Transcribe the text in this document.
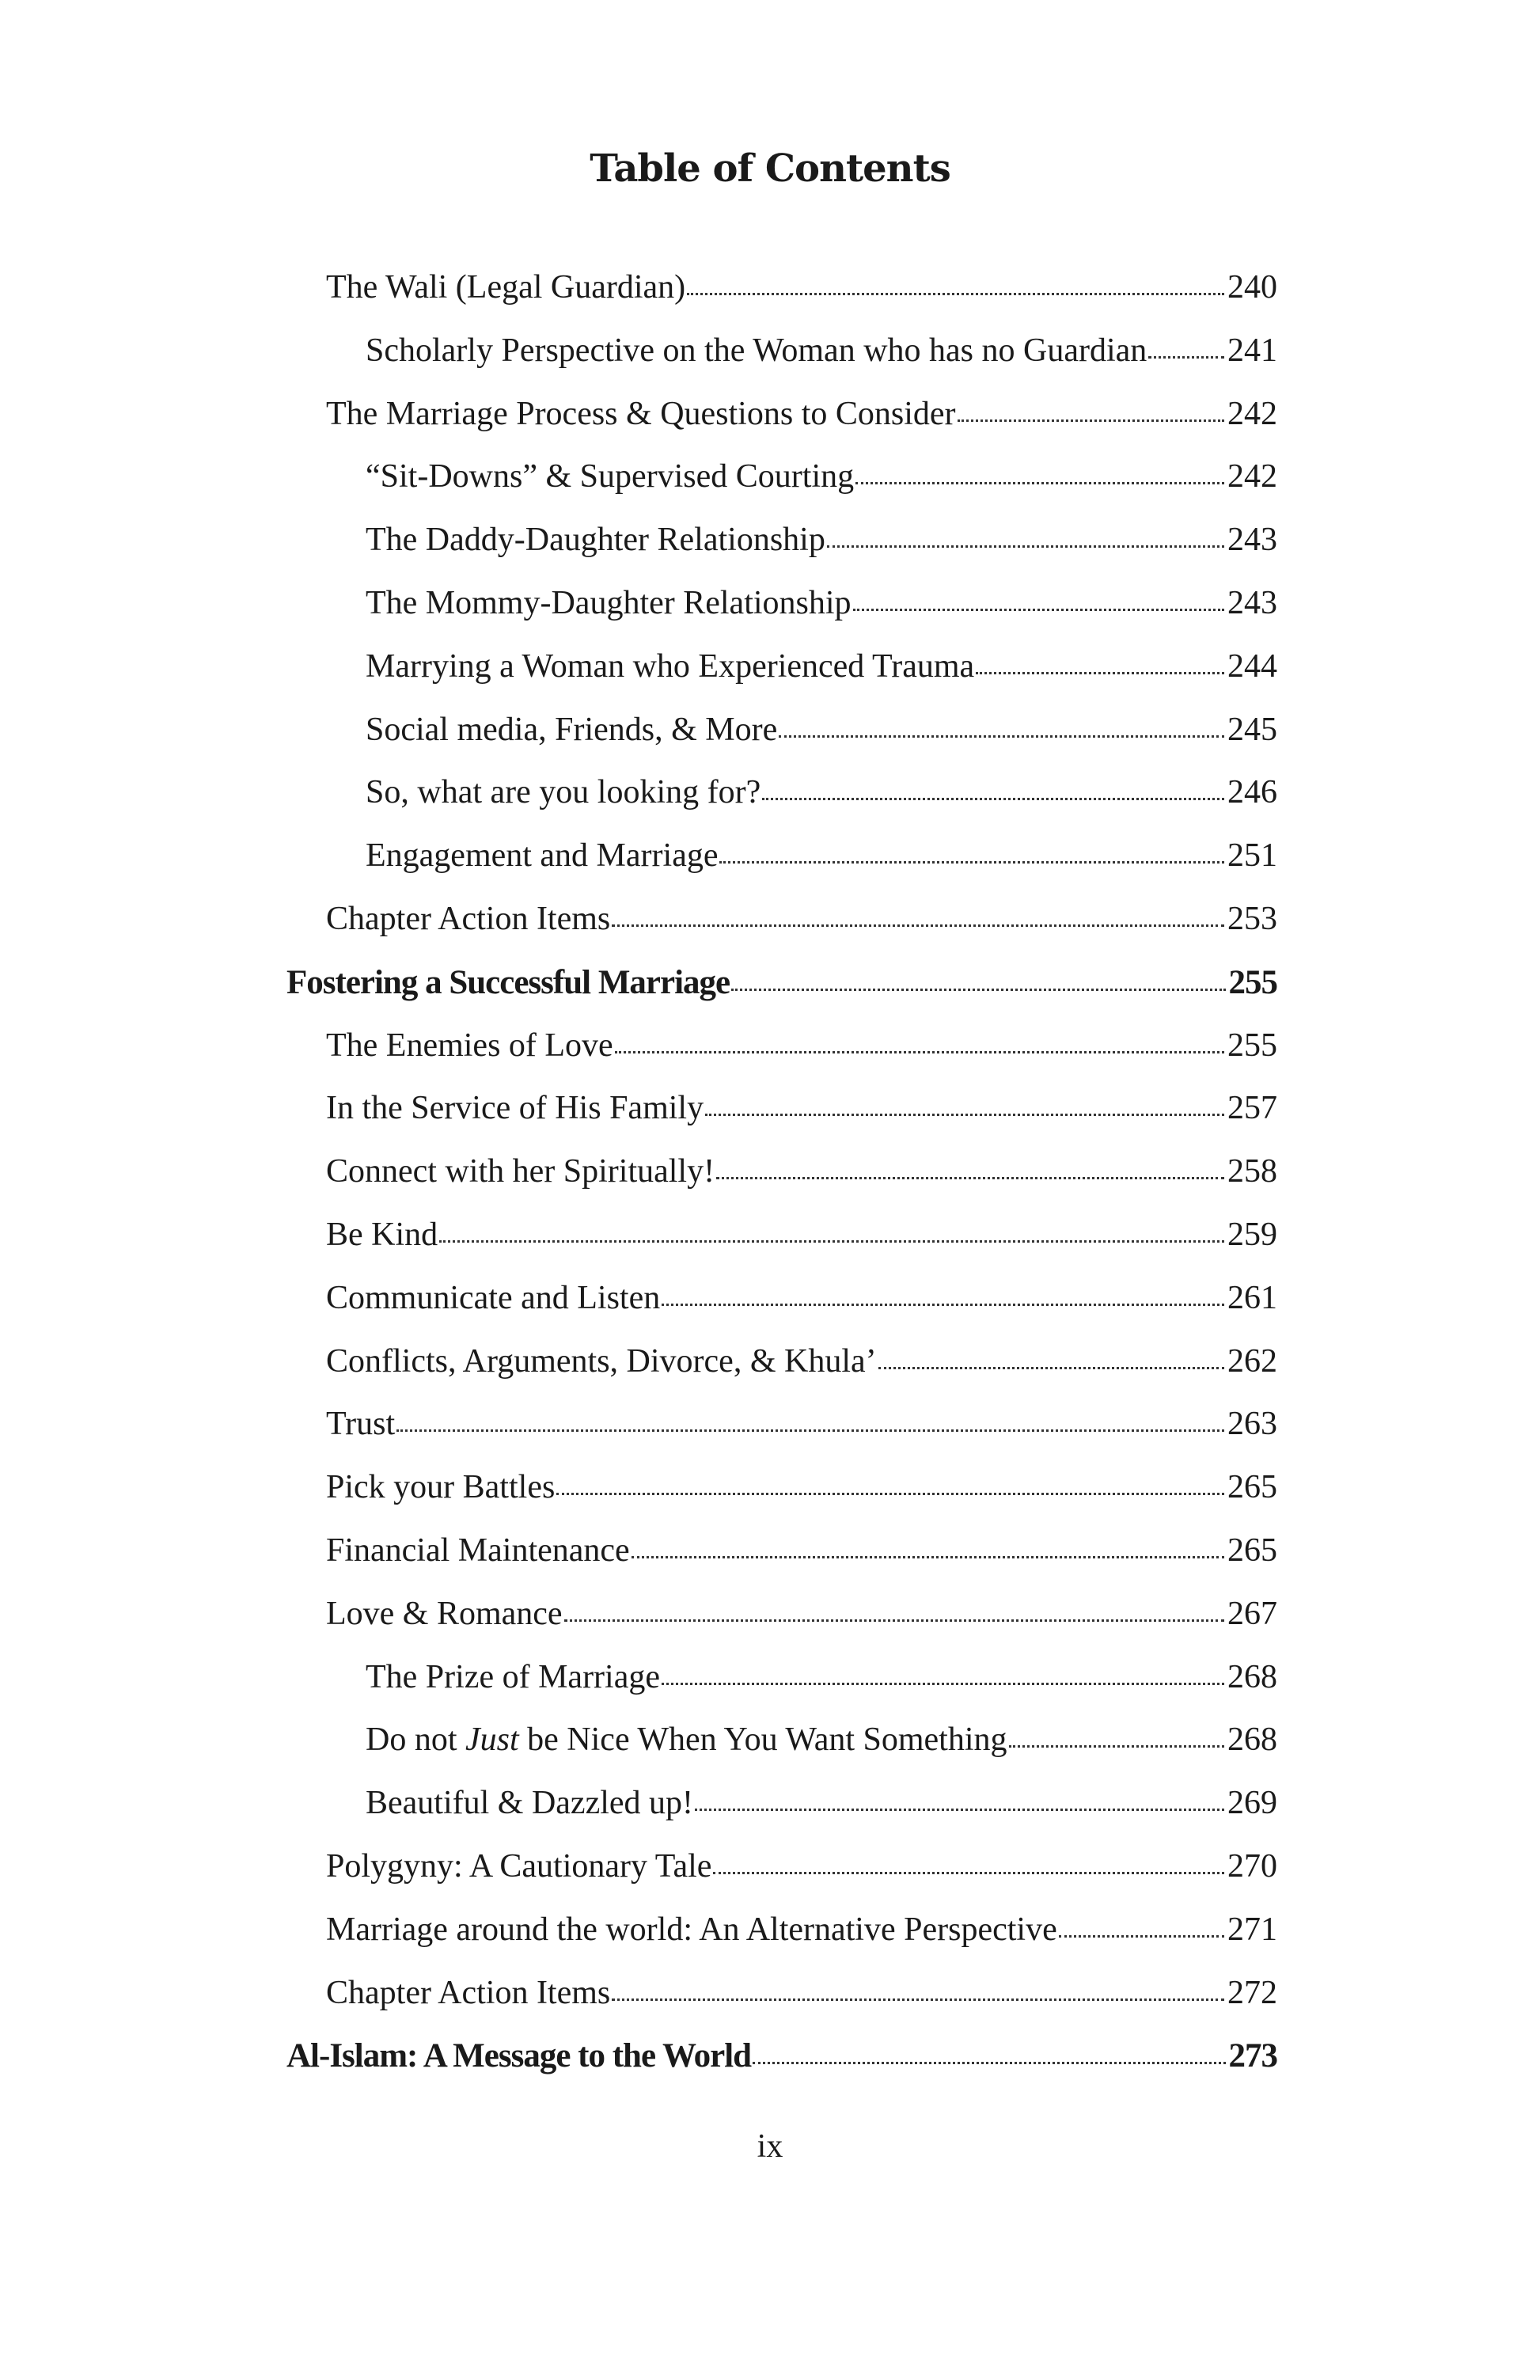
Table of Contents
The Wali (Legal Guardian)	240
Scholarly Perspective on the Woman who has no Guardian 241
The Marriage Process & Questions to Consider	242
“Sit-Downs” & Supervised Courting	242
The Daddy-Daughter Relationship	243
The Mommy-Daughter Relationship	243
Marrying a Woman who Experienced Trauma	244
Social media, Friends, & More	245
So, what are you looking for?	246
Engagement and Marriage	251
Chapter Action Items	253
Fostering a Successful Marriage	255
The Enemies of Love	255
In the Service of His Family	257
Connect with her Spiritually!	258
Be Kind	259
Communicate and Listen	261
Conflicts, Arguments, Divorce, & Khula’	262
Trust	263
Pick your Battles	265
Financial Maintenance	265
Love & Romance	267
The Prize of Marriage	268
Do not Just be Nice When You Want Something	268
Beautiful & Dazzled up!	269
Polygyny: A Cautionary Tale	270
Marriage around the world: An Alternative Perspective	271
Chapter Action Items	272
Al-Islam: A Message to the World	273
ix
